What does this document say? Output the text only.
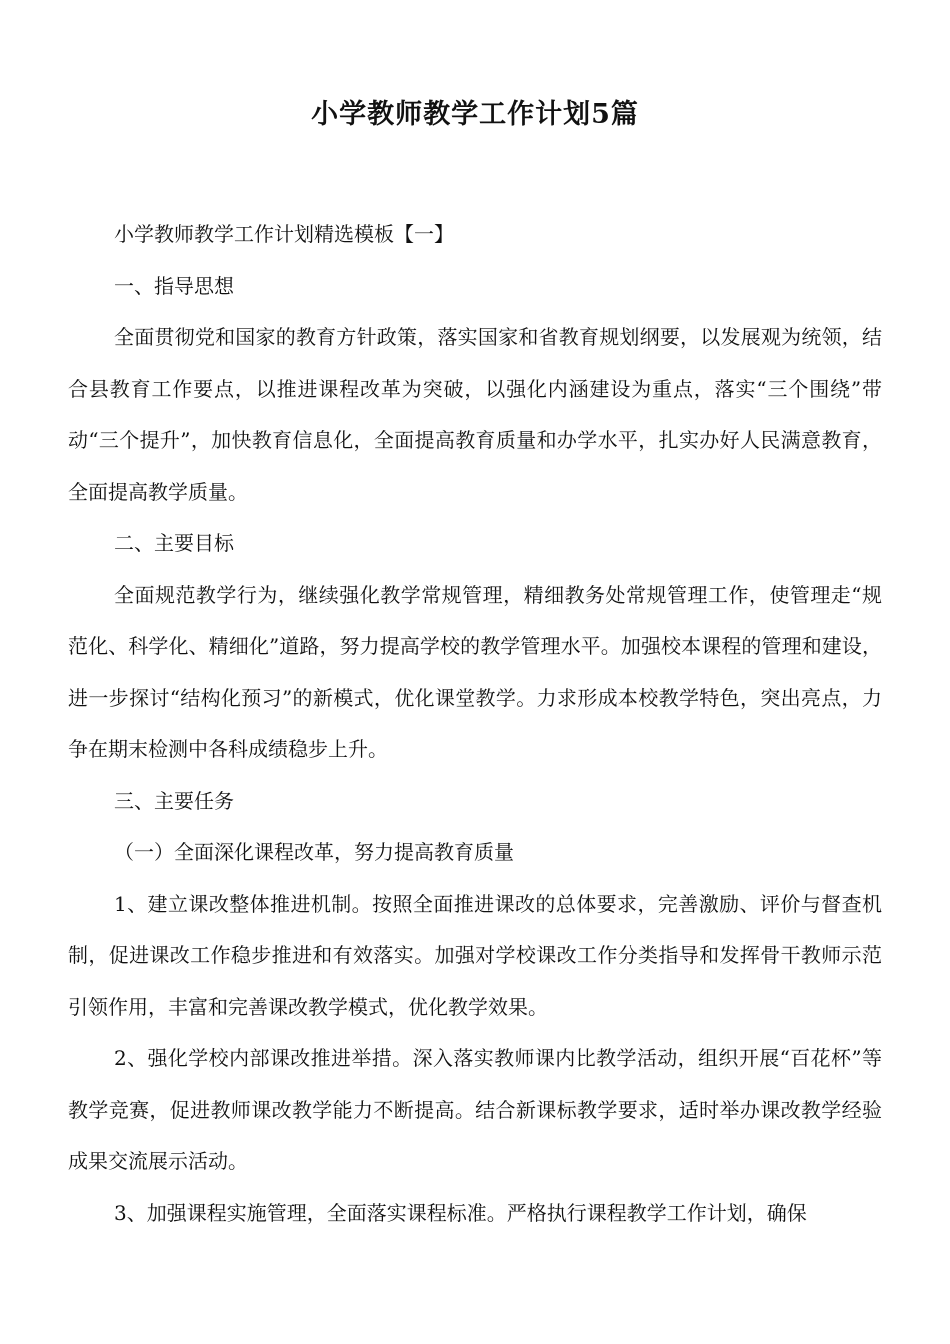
小学教师教学工作计划5篇

小学教师教学工作计划精选模板【一】

一、指导思想

全面贯彻党和国家的教育方针政策，落实国家和省教育规划纲要，以发展观为统领，结合县教育工作要点，以推进课程改革为突破，以强化内涵建设为重点，落实“三个围绕”带动“三个提升”，加快教育信息化，全面提高教育质量和办学水平，扎实办好人民满意教育，全面提高教学质量。

二、主要目标

全面规范教学行为，继续强化教学常规管理，精细教务处常规管理工作，使管理走“规范化、科学化、精细化”道路，努力提高学校的教学管理水平。加强校本课程的管理和建设，进一步探讨“结构化预习”的新模式，优化课堂教学。力求形成本校教学特色，突出亮点，力争在期末检测中各科成绩稳步上升。

三、主要任务

（一）全面深化课程改革，努力提高教育质量

1、建立课改整体推进机制。按照全面推进课改的总体要求，完善激励、评价与督查机制，促进课改工作稳步推进和有效落实。加强对学校课改工作分类指导和发挥骨干教师示范引领作用，丰富和完善课改教学模式，优化教学效果。

2、强化学校内部课改推进举措。深入落实教师课内比教学活动，组织开展“百花杯”等教学竞赛，促进教师课改教学能力不断提高。结合新课标教学要求，适时举办课改教学经验成果交流展示活动。

3、加强课程实施管理，全面落实课程标准。严格执行课程教学工作计划，确保
